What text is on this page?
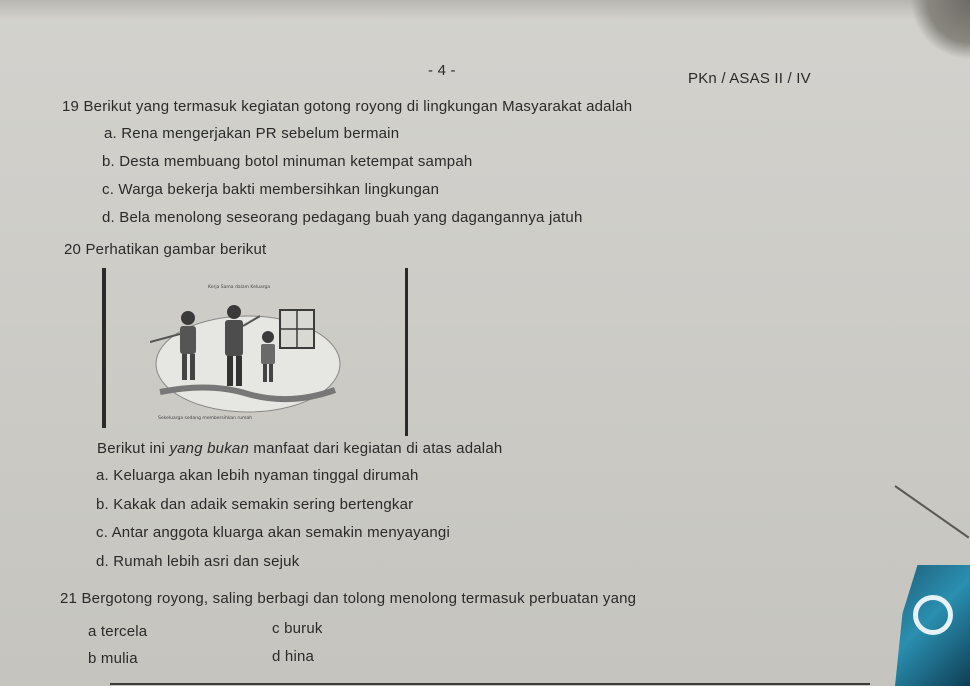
- 4 -	PKn / ASAS II / IV
19 Berikut yang termasuk kegiatan gotong royong di lingkungan Masyarakat adalah
a. Rena mengerjakan PR sebelum bermain
b. Desta membuang botol minuman ketempat sampah
c. Warga bekerja bakti membersihkan lingkungan
d. Bela menolong seseorang pedagang buah yang dagangannya jatuh
20 Perhatikan gambar berikut
Kerja Sama dalam Keluarga
Sekeluarga sedang membersihkan rumah
Berikut ini yang bukan manfaat dari kegiatan di atas adalah
a. Keluarga akan lebih nyaman tinggal dirumah
b. Kakak dan adaik semakin sering bertengkar
c. Antar anggota kluarga akan semakin menyayangi
d. Rumah lebih asri dan sejuk
21 Bergotong royong, saling berbagi dan tolong menolong termasuk perbuatan yang
a tercela
b mulia
c buruk
d hina
